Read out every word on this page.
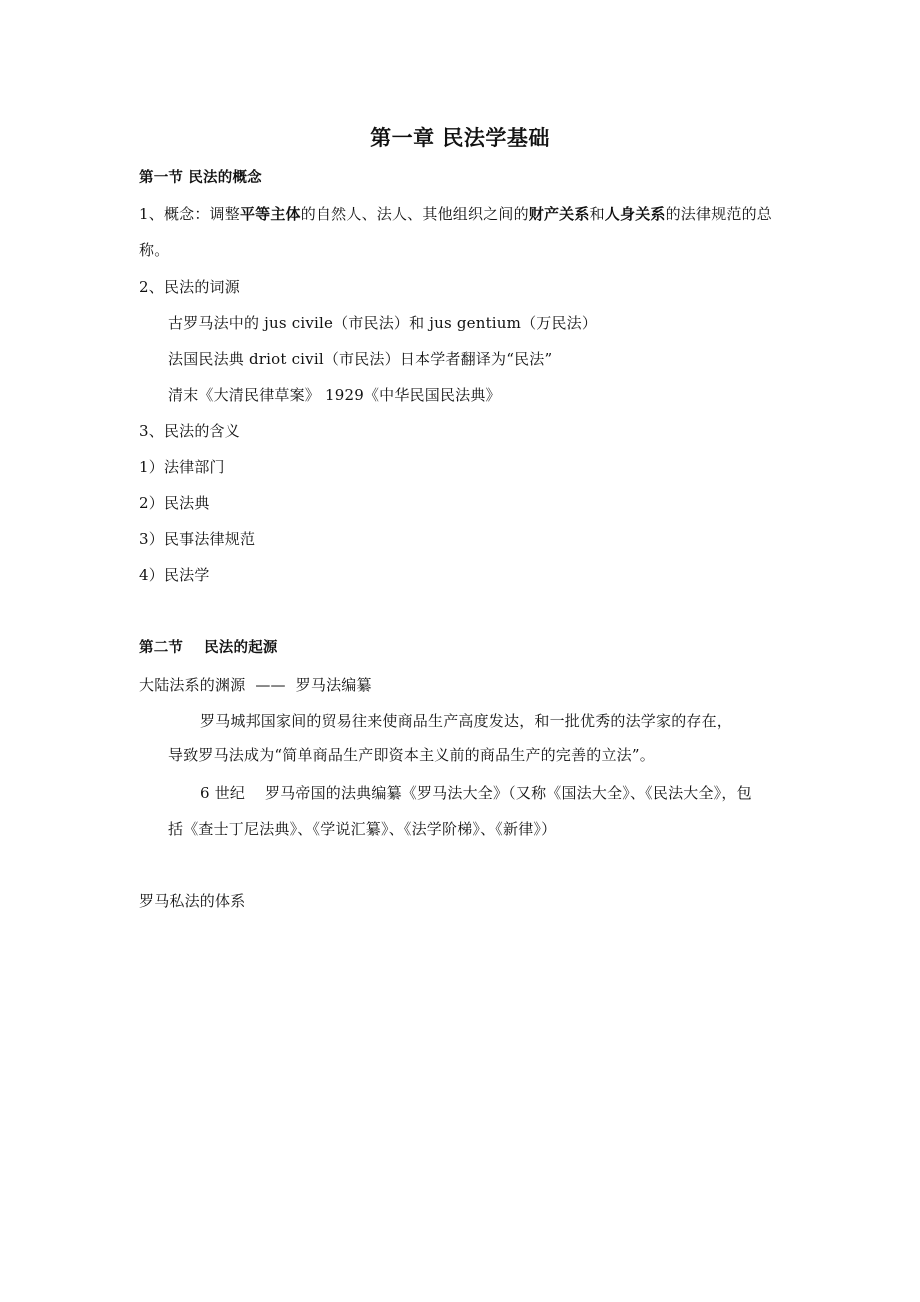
第一章 民法学基础
第一节 民法的概念
1、概念：调整平等主体的自然人、法人、其他组织之间的财产关系和人身关系的法律规范的总称。
2、民法的词源
古罗马法中的 jus civile（市民法）和 jus gentium（万民法）
法国民法典 driot civil（市民法）日本学者翻译为“民法”
清末《大清民律草案》 1929《中华民国民法典》
3、民法的含义
1）法律部门
2）民法典
3）民事法律规范
4）民法学
第二节    民法的起源
大陆法系的渊源  ——  罗马法编纂
罗马城邦国家间的贸易往来使商品生产高度发达，和一批优秀的法学家的存在，
导致罗马法成为“简单商品生产即资本主义前的商品生产的完善的立法”。
6 世纪    罗马帝国的法典编纂《罗马法大全》（又称《国法大全》、《民法大全》，包
括《查士丁尼法典》、《学说汇纂》、《法学阶梯》、《新律》）
罗马私法的体系
